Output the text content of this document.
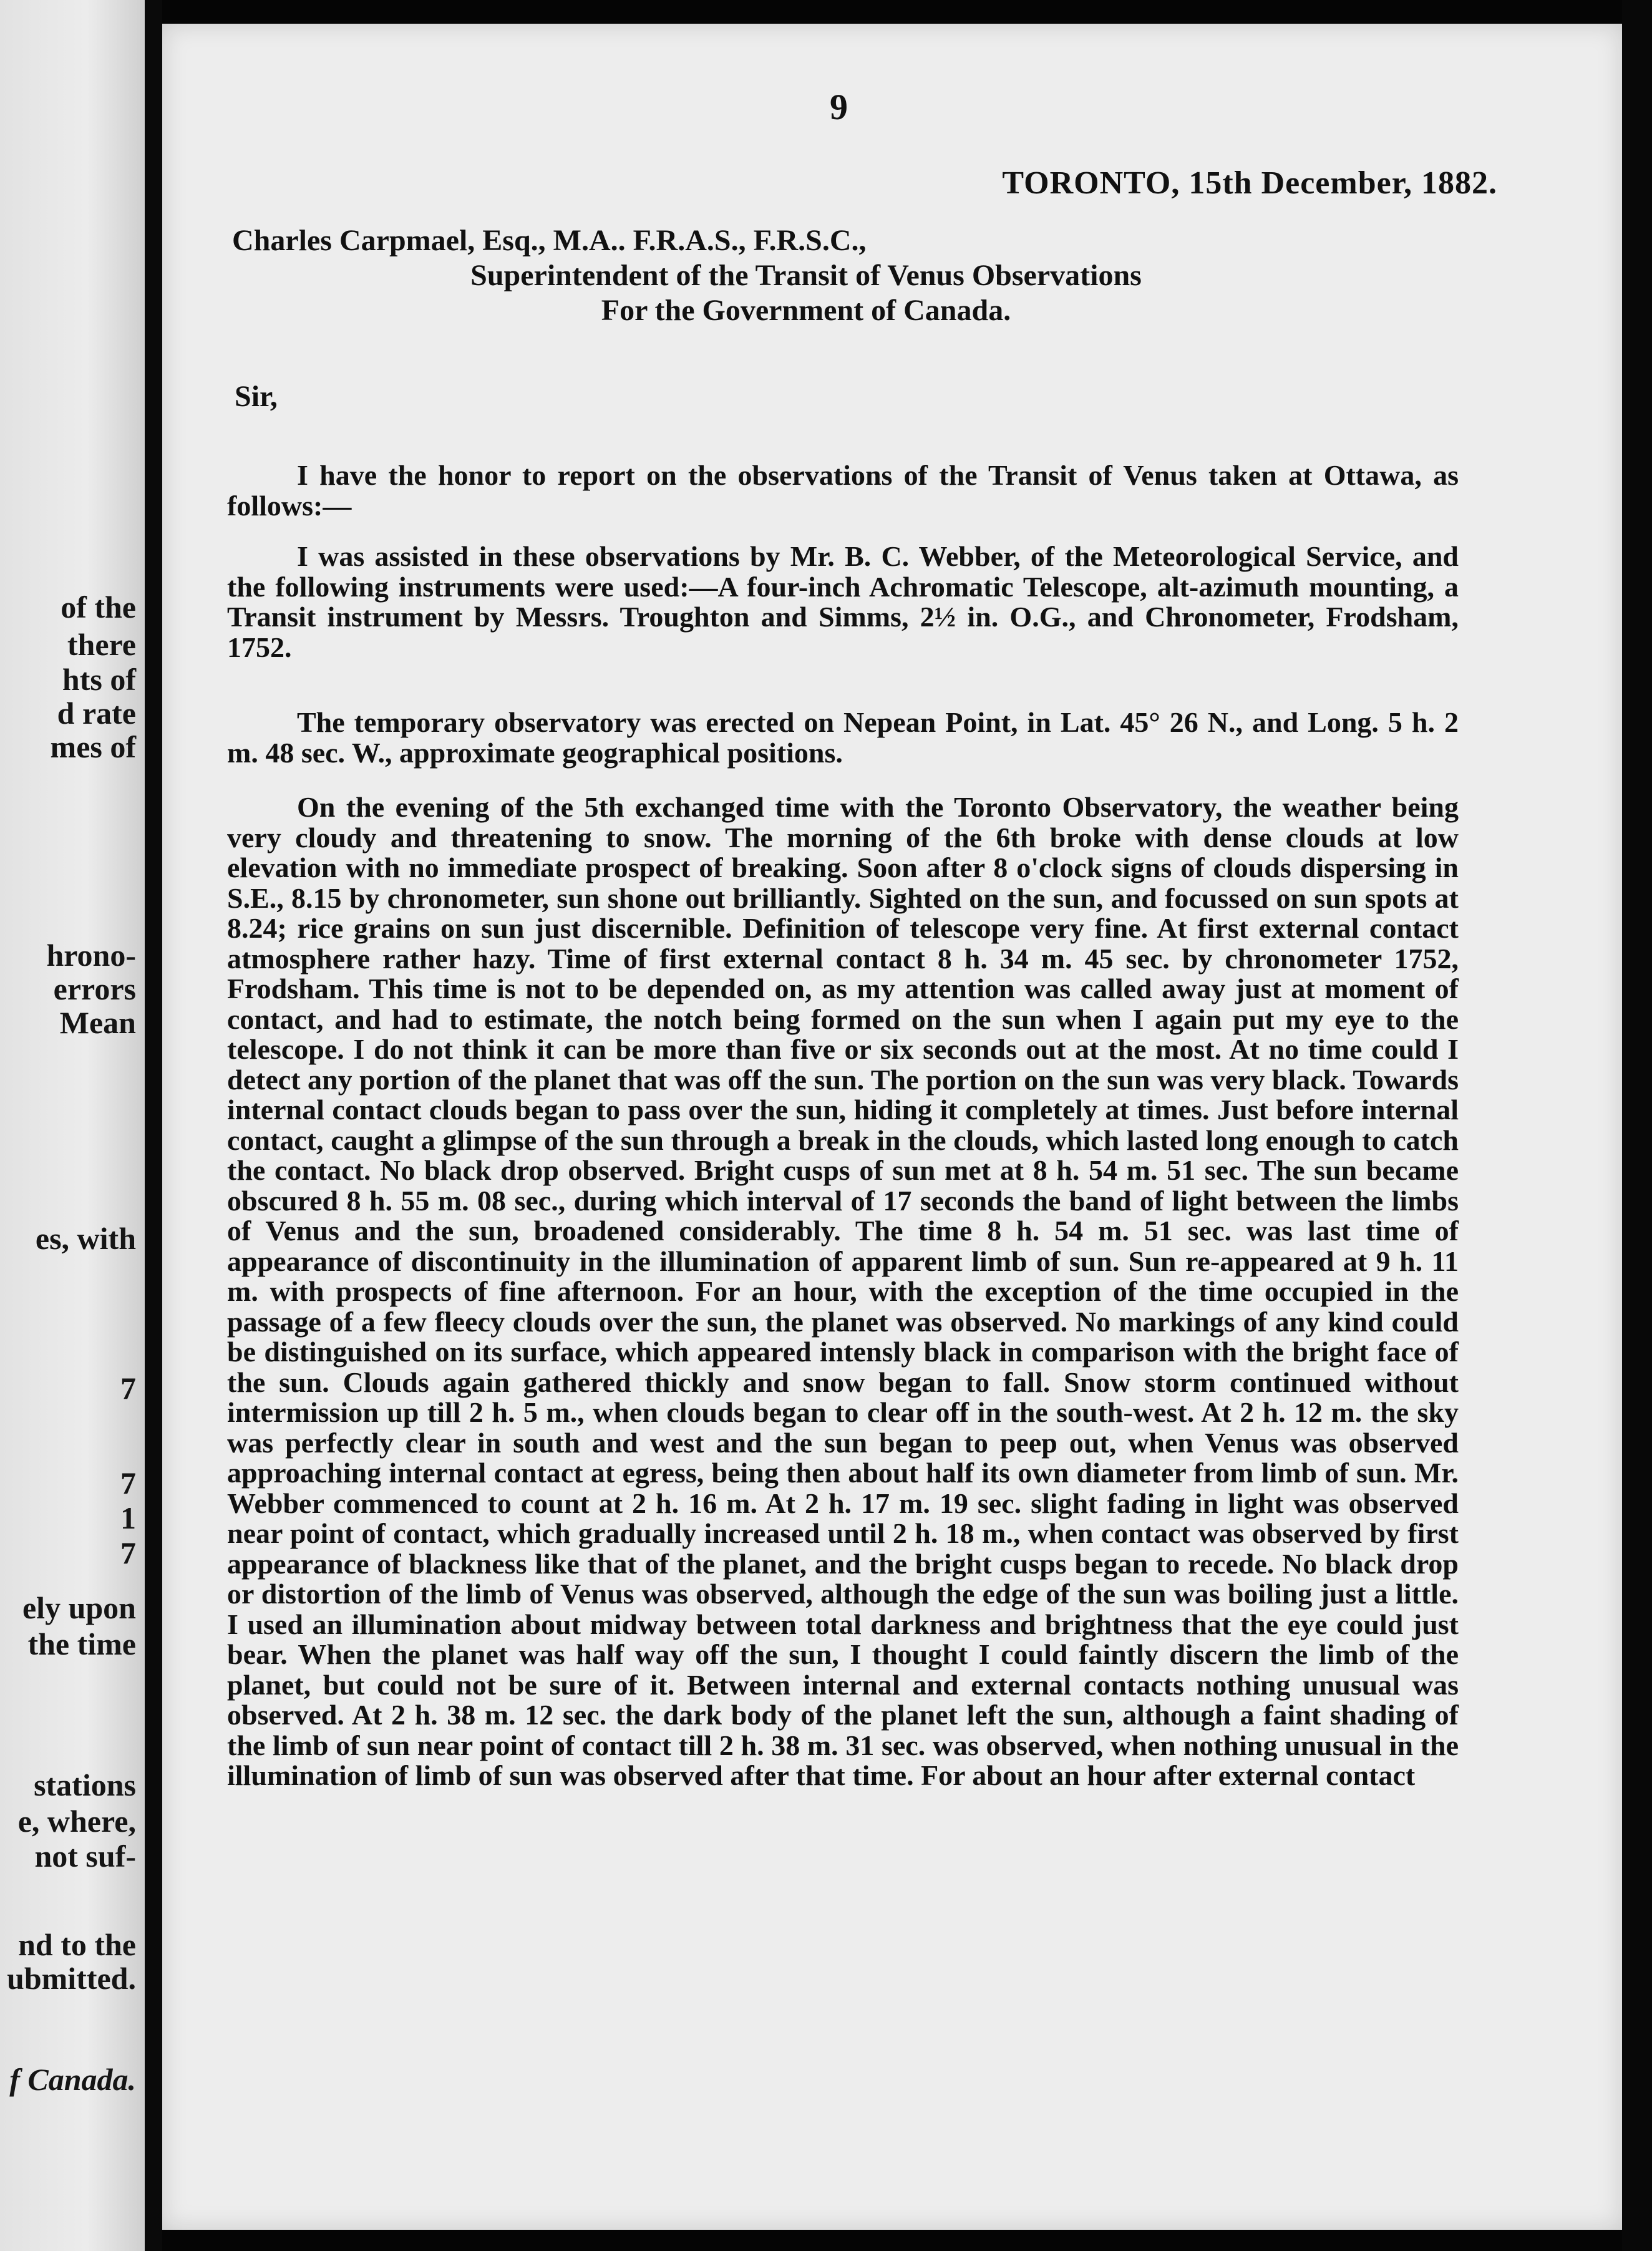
of the
there
hts of
d rate
mes of
hrono-
errors
Mean
es, with
7
7
1
7
ely upon
the time
stations
e, where,
not suf-
nd to the
ubmitted.
f Canada.
9
TORONTO, 15th December, 1882.
Charles Carpmael, Esq., M.A.. F.R.A.S., F.R.S.C.,
Superintendent of the Transit of Venus Observations
For the Government of Canada.
Sir,

I have the honor to report on the observations of the Transit of Venus taken at Ottawa, as follows:—

I was assisted in these observations by Mr. B. C. Webber, of the Meteorological Service, and the following instruments were used:—A four-inch Achromatic Telescope, alt-azimuth mounting, a Transit instrument by Messrs. Troughton and Simms, 2½ in. O.G., and Chronometer, Frodsham, 1752.

The temporary observatory was erected on Nepean Point, in Lat. 45° 26 N., and Long. 5 h. 2 m. 48 sec. W., approximate geographical positions.

On the evening of the 5th exchanged time with the Toronto Observatory, the weather being very cloudy and threatening to snow. The morning of the 6th broke with dense clouds at low elevation with no immediate prospect of breaking. Soon after 8 o'clock signs of clouds dispersing in S.E., 8.15 by chronometer, sun shone out brilliantly. Sighted on the sun, and focussed on sun spots at 8.24; rice grains on sun just discernible. Definition of telescope very fine. At first external contact atmosphere rather hazy. Time of first external contact 8 h. 34 m. 45 sec. by chronometer 1752, Frodsham. This time is not to be depended on, as my attention was called away just at moment of contact, and had to estimate, the notch being formed on the sun when I again put my eye to the telescope. I do not think it can be more than five or six seconds out at the most. At no time could I detect any portion of the planet that was off the sun. The portion on the sun was very black. Towards internal contact clouds began to pass over the sun, hiding it completely at times. Just before internal contact, caught a glimpse of the sun through a break in the clouds, which lasted long enough to catch the contact. No black drop observed. Bright cusps of sun met at 8 h. 54 m. 51 sec. The sun became obscured 8 h. 55 m. 08 sec., during which interval of 17 seconds the band of light between the limbs of Venus and the sun, broadened considerably. The time 8 h. 54 m. 51 sec. was last time of appearance of discontinuity in the illumination of apparent limb of sun. Sun re-appeared at 9 h. 11 m. with prospects of fine afternoon. For an hour, with the exception of the time occupied in the passage of a few fleecy clouds over the sun, the planet was observed. No markings of any kind could be distinguished on its surface, which appeared intensly black in comparison with the bright face of the sun. Clouds again gathered thickly and snow began to fall. Snow storm continued without intermission up till 2 h. 5 m., when clouds began to clear off in the south-west. At 2 h. 12 m. the sky was perfectly clear in south and west and the sun began to peep out, when Venus was observed approaching internal contact at egress, being then about half its own diameter from limb of sun. Mr. Webber commenced to count at 2 h. 16 m. At 2 h. 17 m. 19 sec. slight fading in light was observed near point of contact, which gradually increased until 2 h. 18 m., when contact was observed by first appearance of blackness like that of the planet, and the bright cusps began to recede. No black drop or distortion of the limb of Venus was observed, although the edge of the sun was boiling just a little. I used an illumination about midway between total darkness and brightness that the eye could just bear. When the planet was half way off the sun, I thought I could faintly discern the limb of the planet, but could not be sure of it. Between internal and external contacts nothing unusual was observed. At 2 h. 38 m. 12 sec. the dark body of the planet left the sun, although a faint shading of the limb of sun near point of contact till 2 h. 38 m. 31 sec. was observed, when nothing unusual in the illumination of limb of sun was observed after that time. For about an hour after external contact
